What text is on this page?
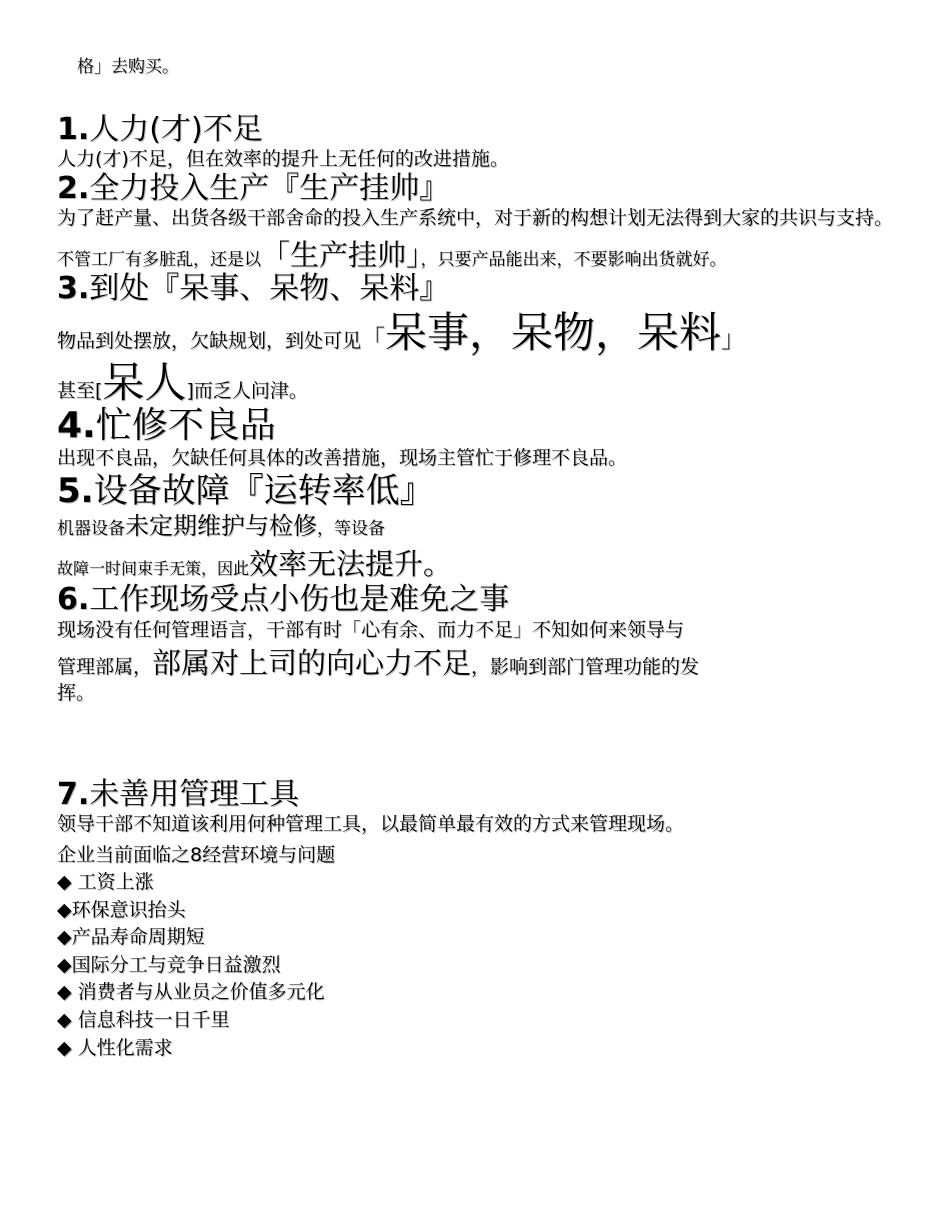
格」去购买。
1.人力(才)不足
人力(才)不足，但在效率的提升上无任何的改进措施。
2.全力投入生产『生产挂帅』
为了赶产量、出货各级干部舍命的投入生产系统中，对于新的构想计划无法得到大家的共识与支持。
不管工厂有多脏乱，还是以「生产挂帅」，只要产品能出来，不要影响出货就好。
3.到处『呆事、呆物、呆料』
物品到处摆放，欠缺规划，到处可见「呆事，呆物，呆料」
甚至[呆人]而乏人问津。
4.忙修不良品
出现不良品，欠缺任何具体的改善措施，现场主管忙于修理不良品。
5.设备故障『运转率低』
机器设备未定期维护与检修，等设备
故障一时间束手无策，因此效率无法提升。
6.工作现场受点小伤也是难免之事
现场没有任何管理语言，干部有时「心有余、而力不足」不知如何来领导与
管理部属，部属对上司的向心力不足，影响到部门管理功能的发
挥。
7.未善用管理工具
领导干部不知道该利用何种管理工具，以最简单最有效的方式来管理现场。
企业当前面临之8经营环境与问题
◆ 工资上涨
◆环保意识抬头
◆产品寿命周期短
◆国际分工与竞争日益激烈
◆ 消费者与从业员之价值多元化
◆ 信息科技一日千里
◆ 人性化需求
